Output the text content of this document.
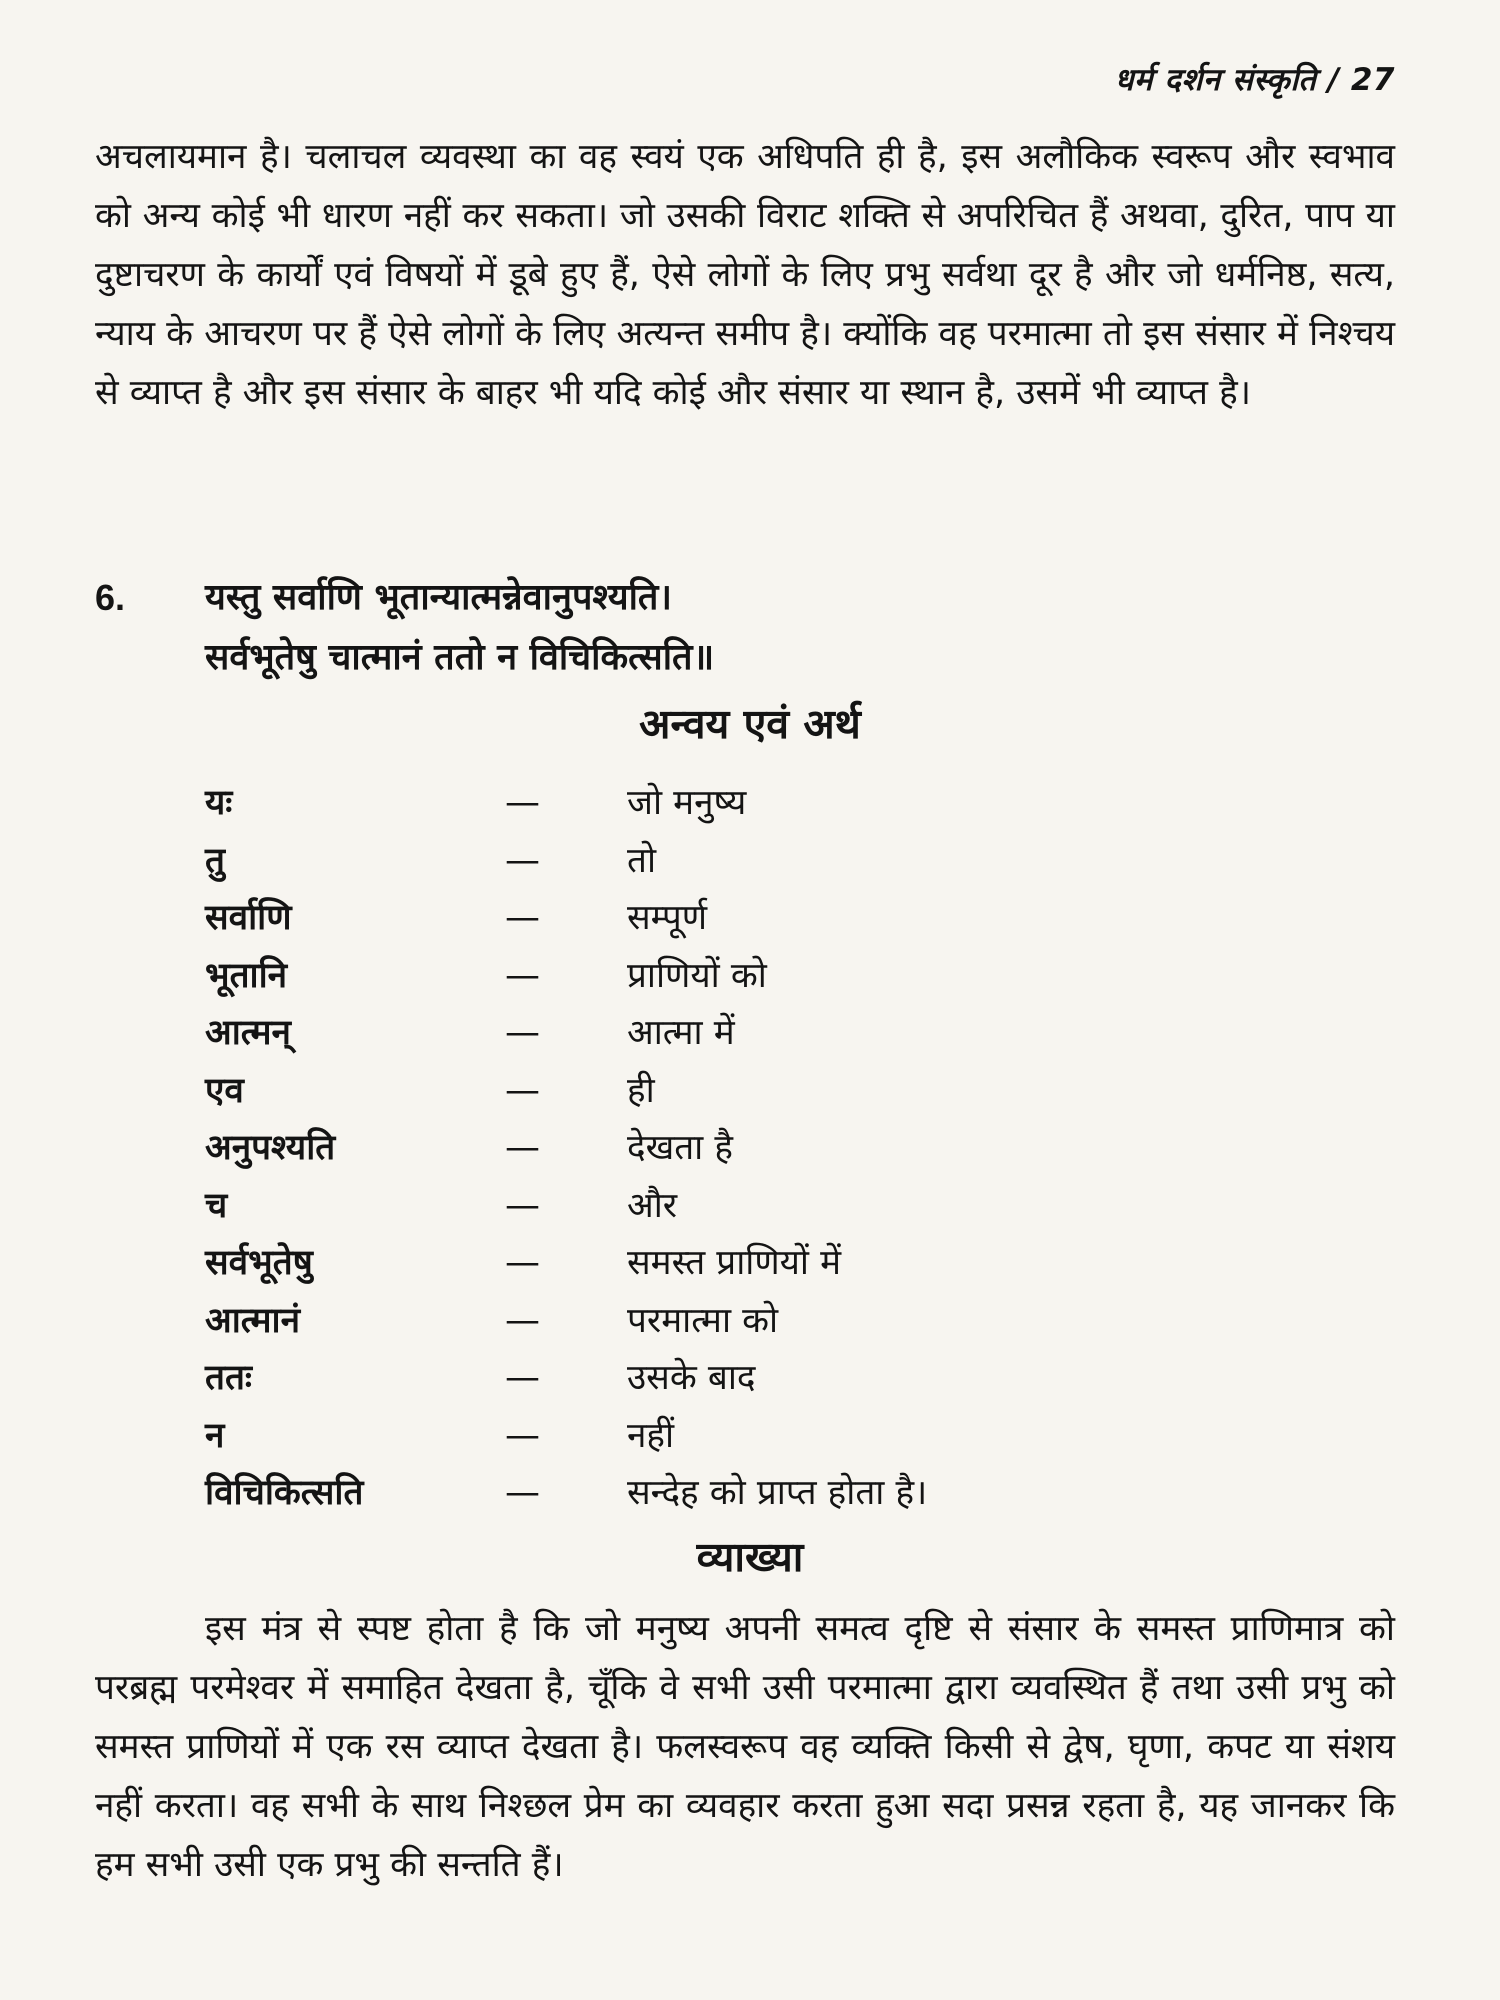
धर्म दर्शन संस्कृति / 27

अचलायमान है। चलाचल व्यवस्था का वह स्वयं एक अधिपति ही है, इस अलौकिक स्वरूप और स्वभाव को अन्य कोई भी धारण नहीं कर सकता। जो उसकी विराट शक्ति से अपरिचित हैं अथवा, दुरित, पाप या दुष्टाचरण के कार्यों एवं विषयों में डूबे हुए हैं, ऐसे लोगों के लिए प्रभु सर्वथा दूर है और जो धर्मनिष्ठ, सत्य, न्याय के आचरण पर हैं ऐसे लोगों के लिए अत्यन्त समीप है। क्योंकि वह परमात्मा तो इस संसार में निश्चय से व्याप्त है और इस संसार के बाहर भी यदि कोई और संसार या स्थान है, उसमें भी व्याप्त है।

6. यस्तु सर्वाणि भूतान्यात्मन्नेवानुपश्यति।
सर्वभूतेषु चात्मानं ततो न विचिकित्सति॥
अन्वय एवं अर्थ
यः	— जो मनुष्य
तु	— तो
सर्वाणि	— सम्पूर्ण
भूतानि	— प्राणियों को
आत्मन्	— आत्मा में
एव	— ही
अनुपश्यति	— देखता है
च	— और
सर्वभूतेषु	— समस्त प्राणियों में
आत्मानं	— परमात्मा को
ततः	— उसके बाद
न	— नहीं
विचिकित्सति	— सन्देह को प्राप्त होता है।
व्याख्या

इस मंत्र से स्पष्ट होता है कि जो मनुष्य अपनी समत्व दृष्टि से संसार के समस्त प्राणिमात्र को परब्रह्म परमेश्वर में समाहित देखता है, चूँकि वे सभी उसी परमात्मा द्वारा व्यवस्थित हैं तथा उसी प्रभु को समस्त प्राणियों में एक रस व्याप्त देखता है। फलस्वरूप वह व्यक्ति किसी से द्वेष, घृणा, कपट या संशय नहीं करता। वह सभी के साथ निश्छल प्रेम का व्यवहार करता हुआ सदा प्रसन्न रहता है, यह जानकर कि हम सभी उसी एक प्रभु की सन्तति हैं।
